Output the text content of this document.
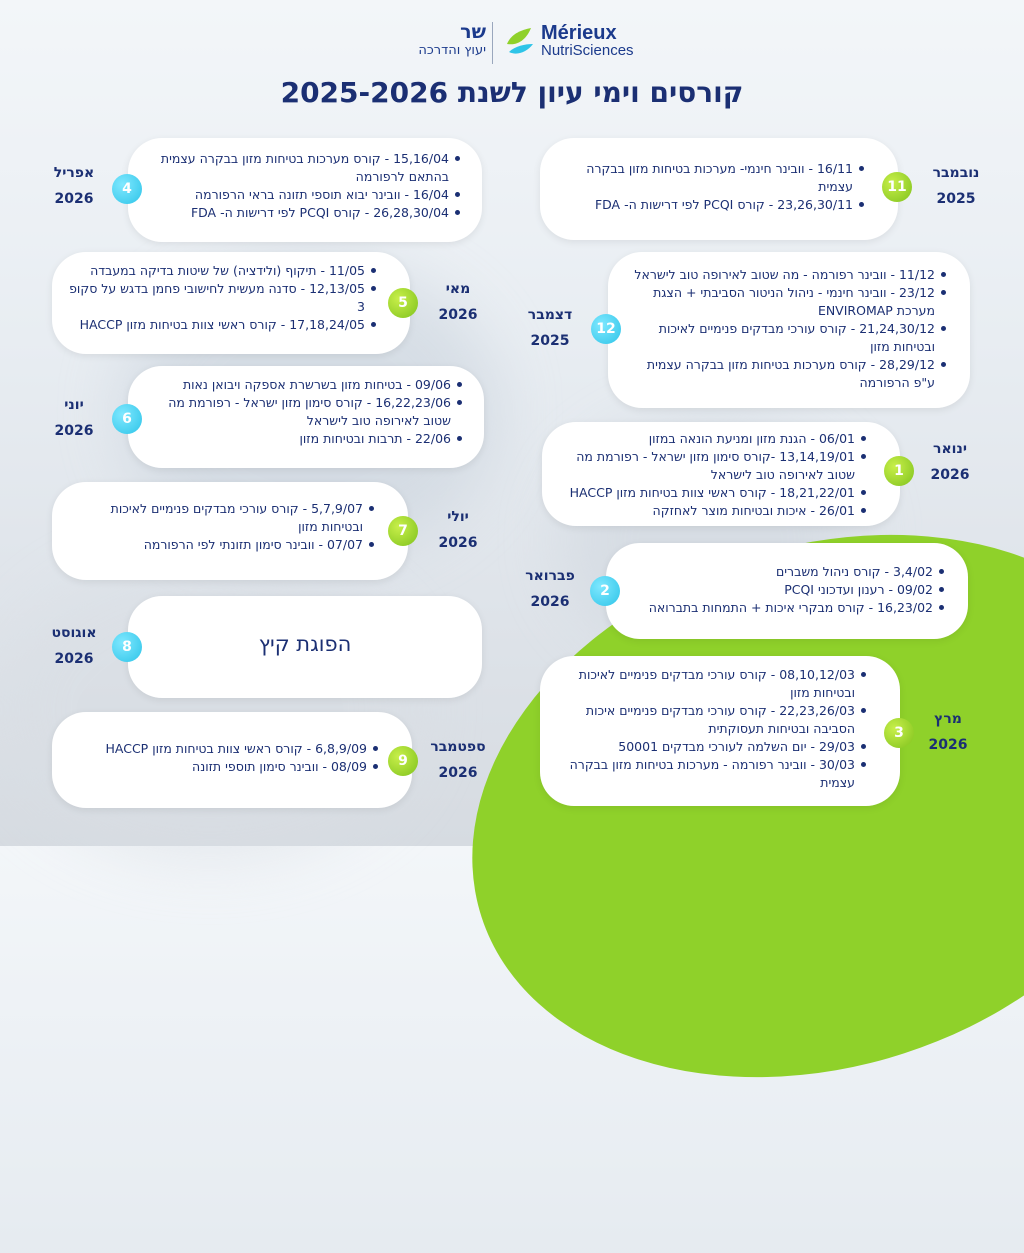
שר
יעוץ והדרכה
Mérieux
NutriSciences
קורסים וימי עיון לשנת 2025-2026
16/11 - וובינר חינמי- מערכות בטיחות מזון בבקרה עצמית
23,26,30/11 - קורס PCQI לפי דרישות ה- FDA
11
נובמבר
2025
11/12 - וובינר רפורמה - מה שטוב לאירופה טוב לישראל
23/12 - וובינר חינמי - ניהול הניטור הסביבתי + הצגת מערכת ENVIROMAP
21,24,30/12 - קורס עורכי מבדקים פנימיים לאיכות ובטיחות מזון
28,29/12 - קורס מערכות בטיחות מזון בבקרה עצמית ע"פ הרפורמה
12
דצמבר
2025
06/01 - הגנת מזון ומניעת הונאה במזון
13,14,19/01 -קורס סימון מזון ישראל - רפורמת מה שטוב לאירופה טוב לישראל
18,21,22/01 - קורס ראשי צוות בטיחות מזון HACCP
26/01 - איכות ובטיחות מוצר לאחזקה
1
ינואר
2026
3,4/02 - קורס ניהול משברים
09/02 - רענון ועדכוני PCQI
16,23/02 - קורס מבקרי איכות + התמחות בתברואה
2
פברואר
2026
08,10,12/03 - קורס עורכי מבדקים פנימיים לאיכות ובטיחות מזון
22,23,26/03 - קורס עורכי מבדקים פנימיים איכות הסביבה ובטיחות תעסוקתית
29/03 - יום השלמה לעורכי מבדקים 50001
30/03 - וובינר רפורמה - מערכות בטיחות מזון בבקרה עצמית
3
מרץ
2026
15,16/04 - קורס מערכות בטיחות מזון בבקרה עצמית בהתאם לרפורמה
16/04 - וובינר יבוא תוספי תזונה בראי הרפורמה
26,28,30/04 - קורס PCQI לפי דרישות ה- FDA
4
אפריל
2026
11/05 - תיקוף (ולידציה) של שיטות בדיקה במעבדה
12,13/05 - סדנה מעשית לחישובי פחמן בדגש על סקופ 3
17,18,24/05 - קורס ראשי צוות בטיחות מזון HACCP
5
מאי
2026
09/06 - בטיחות מזון בשרשרת אספקה ויבואן נאות
16,22,23/06 - קורס סימון מזון ישראל - רפורמת מה שטוב לאירופה טוב לישראל
22/06 - תרבות ובטיחות מזון
6
יוני
2026
5,7,9/07 - קורס עורכי מבדקים פנימיים לאיכות ובטיחות מזון
07/07 - וובינר סימון תזונתי לפי הרפורמה
7
יולי
2026
הפוגת קיץ
8
אוגוסט
2026
6,8,9/09 - קורס ראשי צוות בטיחות מזון HACCP
08/09 - וובינר סימון תוספי תזונה	9
ספטמבר
2026
